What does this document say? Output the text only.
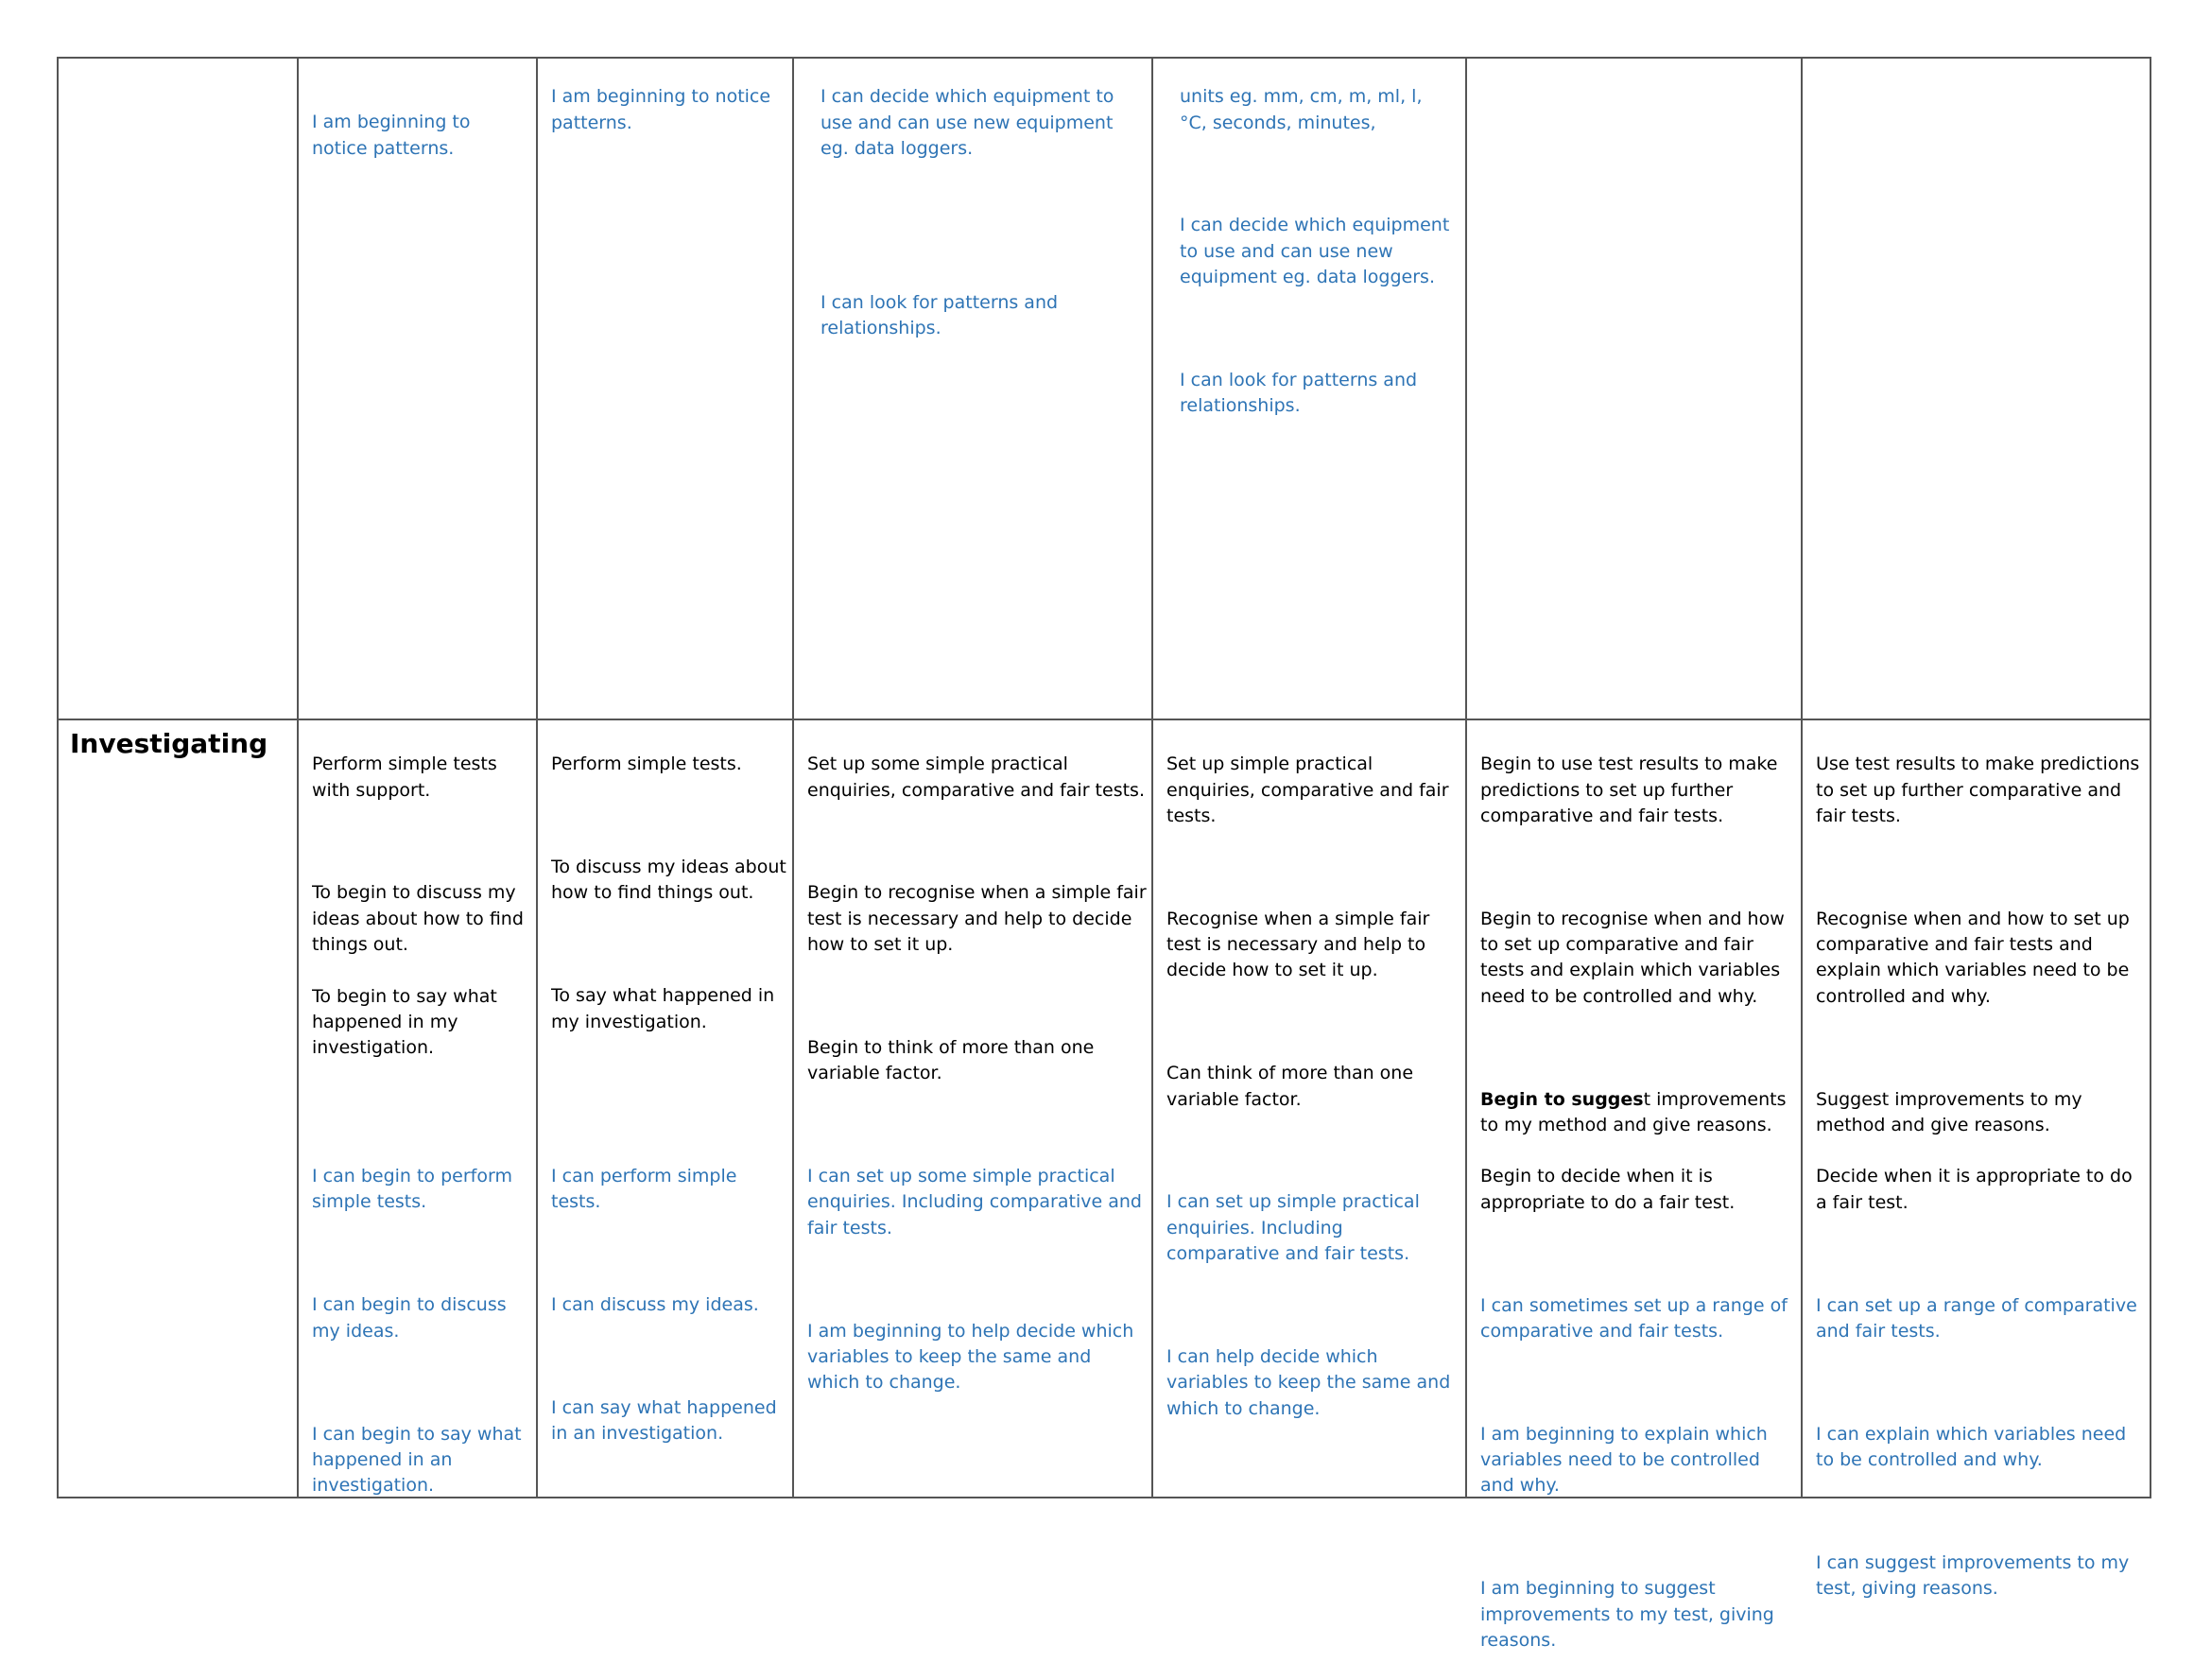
I am beginning to notice patterns.

I am beginning to notice patterns.

I can decide which equipment to use and can use new equipment eg. data loggers.

I can look for patterns and relationships.

units eg. mm, cm, m, ml, l, °C, seconds, minutes,

I can decide which equipment to use and can use new equipment eg. data loggers.

I can look for patterns and relationships.

Investigating

Perform simple tests with support.

To begin to discuss my ideas about how to find things out.

To begin to say what happened in my investigation.

I can begin to perform simple tests.

I can begin to discuss my ideas.

I can begin to say what happened in an investigation.

Perform simple tests.

To discuss my ideas about how to find things out.

To say what happened in my investigation.

I can perform simple tests.

I can discuss my ideas.

I can say what happened in an investigation.

Set up some simple practical enquiries, comparative and fair tests.

Begin to recognise when a simple fair test is necessary and help to decide how to set it up.

Begin to think of more than one variable factor.

I can set up some simple practical enquiries. Including comparative and fair tests.

I am beginning to help decide which variables to keep the same and which to change.

Set up simple practical enquiries, comparative and fair tests.

Recognise when a simple fair test is necessary and help to decide how to set it up.

Can think of more than one variable factor.

I can set up simple practical enquiries. Including comparative and fair tests.

I can help decide which variables to keep the same and which to change.

Begin to use test results to make predictions to set up further comparative and fair tests.

Begin to recognise when and how to set up comparative and fair tests and explain which variables need to be controlled and why.

Begin to suggest improvements to my method and give reasons.

Begin to decide when it is appropriate to do a fair test.

I can sometimes set up a range of comparative and fair tests.

I am beginning to explain which variables need to be controlled and why.

I am beginning to suggest improvements to my test, giving reasons.

Use test results to make predictions to set up further comparative and fair tests.

Recognise when and how to set up comparative and fair tests and explain which variables need to be controlled and why.

Suggest improvements to my method and give reasons.

Decide when it is appropriate to do a fair test.

I can set up a range of comparative and fair tests.

I can explain which variables need to be controlled and why.

I can suggest improvements to my test, giving reasons.
